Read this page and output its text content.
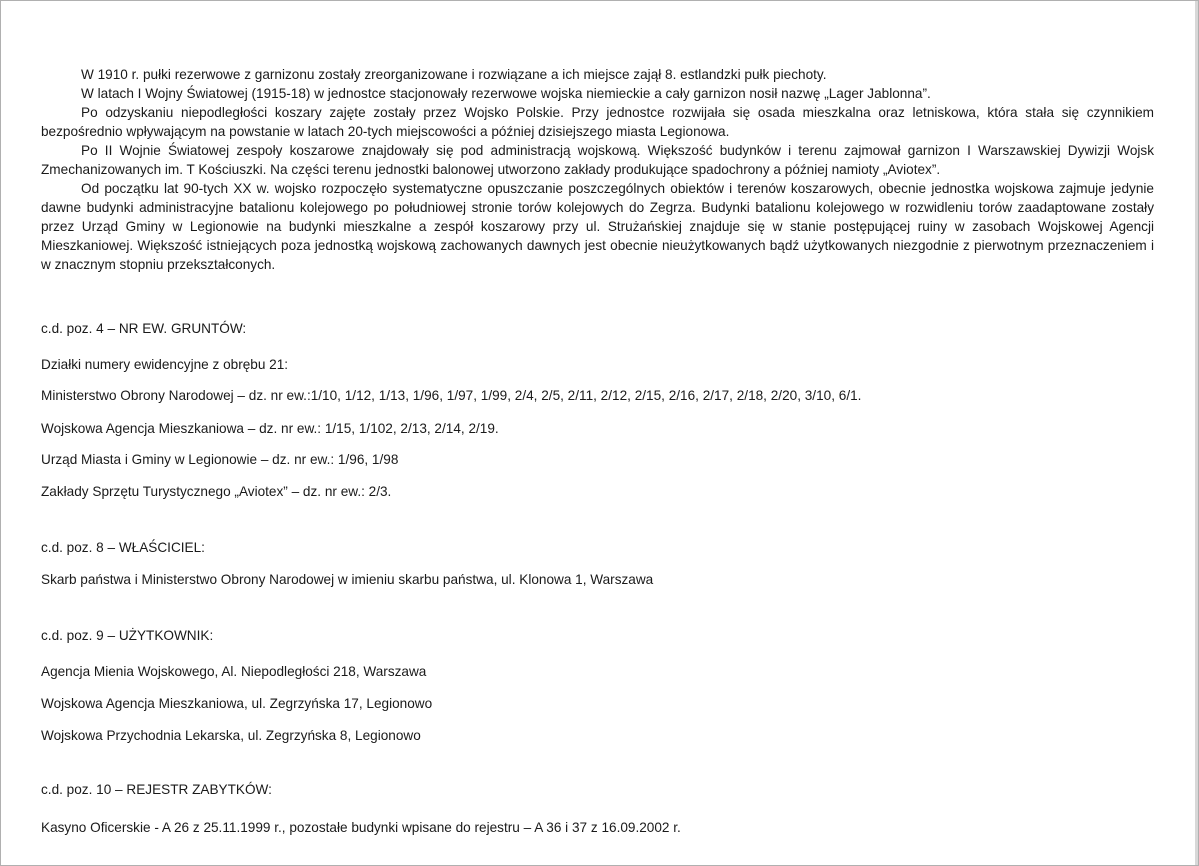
W 1910 r. pułki rezerwowe z garnizonu zostały zreorganizowane i rozwiązane a ich miejsce zajął 8. estlandzki pułk piechoty.

W latach I Wojny Światowej (1915-18) w jednostce stacjonowały rezerwowe wojska niemieckie a cały garnizon nosił nazwę „Lager Jablonna”.

Po odzyskaniu niepodległości koszary zajęte zostały przez Wojsko Polskie. Przy jednostce rozwijała się osada mieszkalna oraz letniskowa, która stała się czynnikiem bezpośrednio wpływającym na powstanie w latach 20-tych miejscowości a później dzisiejszego miasta Legionowa.

Po II Wojnie Światowej zespoły koszarowe znajdowały się pod administracją wojskową. Większość budynków i terenu zajmował garnizon I Warszawskiej Dywizji Wojsk Zmechanizowanych im. T Kościuszki. Na części terenu jednostki balonowej utworzono zakłady produkujące spadochrony a później namioty „Aviotex”.

Od początku lat 90-tych XX w. wojsko rozpoczęło systematyczne opuszczanie poszczególnych obiektów i terenów koszarowych, obecnie jednostka wojskowa zajmuje jedynie dawne budynki administracyjne batalionu kolejowego po południowej stronie torów kolejowych do Zegrza. Budynki batalionu kolejowego w rozwidleniu torów zaadaptowane zostały przez Urząd Gminy w Legionowie na budynki mieszkalne a zespół koszarowy przy ul. Strużańskiej znajduje się w stanie postępującej ruiny w zasobach Wojskowej Agencji Mieszkaniowej. Większość istniejących poza jednostką wojskową zachowanych dawnych jest obecnie nieużytkowanych bądź użytkowanych niezgodnie z pierwotnym przeznaczeniem i w znacznym stopniu przekształconych.

c.d. poz. 4 – NR EW. GRUNTÓW:
Działki numery ewidencyjne z obrębu 21:
Ministerstwo Obrony Narodowej – dz. nr ew.:1/10, 1/12, 1/13, 1/96, 1/97, 1/99, 2/4, 2/5, 2/11, 2/12, 2/15, 2/16, 2/17, 2/18, 2/20, 3/10, 6/1.
Wojskowa Agencja Mieszkaniowa – dz. nr ew.: 1/15, 1/102, 2/13, 2/14, 2/19.
Urząd Miasta i Gminy w Legionowie – dz. nr ew.: 1/96, 1/98
Zakłady Sprzętu Turystycznego „Aviotex” – dz. nr ew.: 2/3.
c.d. poz. 8 – WŁAŚCICIEL:
Skarb państwa i Ministerstwo Obrony Narodowej w imieniu skarbu państwa, ul. Klonowa 1, Warszawa
c.d. poz. 9 – UŻYTKOWNIK:
Agencja Mienia Wojskowego, Al. Niepodległości 218, Warszawa
Wojskowa Agencja Mieszkaniowa, ul. Zegrzyńska 17, Legionowo
Wojskowa Przychodnia Lekarska, ul. Zegrzyńska 8, Legionowo
c.d. poz. 10 – REJESTR ZABYTKÓW:
Kasyno Oficerskie - A 26 z 25.11.1999 r., pozostałe budynki wpisane do rejestru – A 36 i 37 z 16.09.2002 r.
